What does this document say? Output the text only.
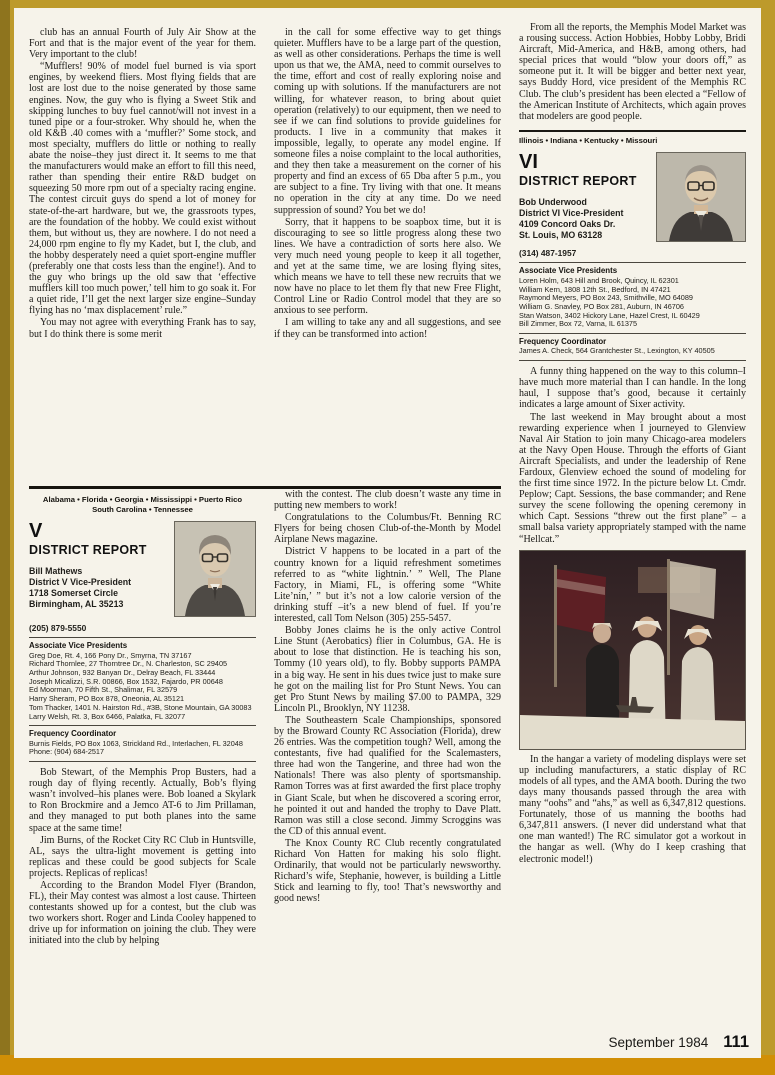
club has an annual Fourth of July Air Show at the Fort and that is the major event of the year for them. Very important to the club!

“Mufflers! 90% of model fuel burned is via sport engines, by weekend fliers. Most flying fields that are lost are lost due to the noise generated by those same engines. Now, the guy who is flying a Sweet Stik and skipping lunches to buy fuel cannot/will not invest in a tuned pipe or a four-stroker. Why should he, when the old K&B .40 comes with a ‘muffler?’ Some stock, and most specialty, mufflers do little or nothing to really abate the noise–they just direct it. It seems to me that the manufacturers would make an effort to fill this need, rather than spending their entire R&D budget on squeezing 50 more rpm out of a specialty racing engine. The contest circuit guys do spend a lot of money for state-of-the-art hardware, but we, the grassroots types, are the foundation of the hobby. We could exist without them, but without us, they are nowhere. I do not need a 24,000 rpm engine to fly my Kadet, but I, the club, and the hobby desperately need a quiet sport-engine muffler (preferably one that costs less than the engine!). And to the guy who brings up the old saw that ‘effective mufflers kill too much power,’ tell him to go soak it. For a quiet ride, I’ll get the next larger size engine–Sunday flying has no ‘max displacement’ rule.”

You may not agree with everything Frank has to say, but I do think there is some merit

Alabama • Florida • Georgia • Mississippi • Puerto Rico
South Carolina • Tennessee
V
DISTRICT REPORT
Bill Mathews
District V Vice-President
1718 Somerset Circle
Birmingham, AL 35213
(205) 879-5550
Associate Vice Presidents
Greg Doe, Rt. 4, 166 Pony Dr., Smyrna, TN 37167
Richard Thornlee, 27 Thorntree Dr., N. Charleston, SC 29405
Arthur Johnson, 932 Banyan Dr., Delray Beach, FL 33444
Joseph Micalizzi, S.R. 00866, Box 1532, Fajardo, PR 00648
Ed Moorman, 70 Fifth St., Shalimar, FL 32579
Harry Sheram, PO Box 878, Oneonia, AL 35121
Tom Thacker, 1401 N. Hairston Rd., #3B, Stone Mountain, GA 30083
Larry Welsh, Rt. 3, Box 6466, Palatka, FL 32077
Frequency Coordinator
Burnis Fields, PO Box 1063, Strickland Rd., Interlachen, FL 32048
Phone: (904) 684-2517

Bob Stewart, of the Memphis Prop Busters, had a rough day of flying recently. Actually, Bob’s flying wasn’t involved–his planes were. Bob loaned a Skylark to Ron Brockmire and a Jemco AT-6 to Jim Prillaman, and they managed to put both planes into the same space at the same time!

Jim Burns, of the Rocket City RC Club in Huntsville, AL, says the ultra-light movement is getting into replicas and these could be good subjects for Scale projects. Replicas of replicas!

According to the Brandon Model Flyer (Brandon, FL), their May contest was almost a lost cause. Thirteen contestants showed up for a contest, but the club was two workers short. Roger and Linda Cooley happened to drive up for information on joining the club. They were initiated into the club by helping

in the call for some effective way to get things quieter. Mufflers have to be a large part of the question, as well as other considerations. Perhaps the time is well upon us that we, the AMA, need to commit ourselves to the time, effort and cost of really exploring noise and coming up with solutions. If the manufacturers are not willing, for whatever reason, to bring about quiet operation (relatively) to our equipment, then we need to see if we can find solutions to provide guidelines for products. I live in a community that makes it impossible, legally, to operate any model engine. If someone files a noise complaint to the local authorities, and they then take a measurement on the corner of his property and find an excess of 65 Dba after 5 p.m., you are subject to a fine. Try living with that one. It means no operation in the city at any time. Do we need suppression of sound? You bet we do!

Sorry, that it happens to be soapbox time, but it is discouraging to see so little progress along these two lines. We have a contradiction of sorts here also. We very much need young people to keep it all together, and yet at the same time, we are losing flying sites, which means we have to tell these new recruits that we now have no place to let them fly that new Free Flight, Control Line or Radio Control model that they are so anxious to see perform.

I am willing to take any and all suggestions, and see if they can be transformed into action!

with the contest. The club doesn’t waste any time in putting new members to work!

Congratulations to the Columbus/Ft. Benning RC Flyers for being chosen Club-of-the-Month by Model Airplane News magazine.

District V happens to be located in a part of the country known for a liquid refreshment sometimes referred to as “white lightnin.’ ” Well, The Plane Factory, in Miami, FL, is offering some “White Lite’nin,’ ” but it’s not a low calorie version of the drinking stuff –it’s a new blend of fuel. If you’re interested, call Tom Nelson (305) 255-5457.

Bobby Jones claims he is the only active Control Line Stunt (Aerobatics) flier in Columbus, GA. He is about to lose that distinction. He is teaching his son, Tommy (10 years old), to fly. Bobby supports PAMPA in a big way. He sent in his dues twice just to make sure he got on the mailing list for Pro Stunt News. You can get Pro Stunt News by mailing $7.00 to PAMPA, 329 Lincoln Pl., Brooklyn, NY 11238.

The Southeastern Scale Championships, sponsored by the Broward County RC Association (Florida), drew 26 entries. Was the competition tough? Well, among the contestants, five had qualified for the Scalemasters, three had won the Tangerine, and three had won the Nationals! There was also plenty of sportsmanship. Ramon Torres was at first awarded the first place trophy in Giant Scale, but when he discovered a scoring error, he pointed it out and handed the trophy to Dave Platt. Ramon was still a close second. Jimmy Scroggins was the CD of this annual event.

The Knox County RC Club recently congratulated Richard Von Hatten for making his solo flight. Ordinarily, that would not be particularly newsworthy. Richard’s wife, Stephanie, however, is building a Little Stick and learning to fly, too! That’s newsworthy and good news!

From all the reports, the Memphis Model Market was a rousing success. Action Hobbies, Hobby Lobby, Bridi Aircraft, Mid-America, and H&B, among others, had special prices that would “blow your doors off,” as someone put it. It will be bigger and better next year, says Buddy Hord, vice president of the Memphis RC Club. The club’s president has been elected a “Fellow of the American Institute of Architects, which again proves that modelers are good people.

Illinois • Indiana • Kentucky • Missouri
VI
DISTRICT REPORT
Bob Underwood
District VI Vice-President
4109 Concord Oaks Dr.
St. Louis, MO 63128
(314) 487-1957
Associate Vice Presidents
Loren Holm, 643 Hill and Brook, Quincy, IL 62301
William Kern, 1808 12th St., Bedford, IN 47421
Raymond Meyers, PO Box 243, Smithville, MO 64089
William G. Snavley, PO Box 281, Auburn, IN 46706
Stan Watson, 3402 Hickory Lane, Hazel Crest, IL 60429
Bill Zimmer, Box 72, Varna, IL 61375
Frequency Coordinator
James A. Check, 564 Grantchester St., Lexington, KY 40505

A funny thing happened on the way to this column–I have much more material than I can handle. In the long haul, I suppose that’s good, because it certainly indicates a large amount of Sixer activity.

The last weekend in May brought about a most rewarding experience when I journeyed to Glenview Naval Air Station to join many Chicago-area modelers at the Navy Open House. Through the efforts of Giant Aircraft Specialists, and under the leadership of Rene Fardoux, Glenview echoed the sound of modeling for the first time since 1972. In the picture below Lt. Cmdr. Peplow; Capt. Sessions, the base commander; and Rene survey the scene following the opening ceremony in which Capt. Sessions “threw out the first plane” – a small balsa variety appropriately stamped with the name “Hellcat.”

In the hangar a variety of modeling displays were set up including manufacturers, a static display of RC models of all types, and the AMA booth. During the two days many thousands passed through the area with many “oohs” and “ahs,” as well as 6,347,812 questions. Fortunately, those of us manning the booths had 6,347,811 answers. (I never did understand what that one man wanted!) The RC simulator got a workout in the hangar as well. (Why do I keep crashing that electronic model!)

September 1984 111
